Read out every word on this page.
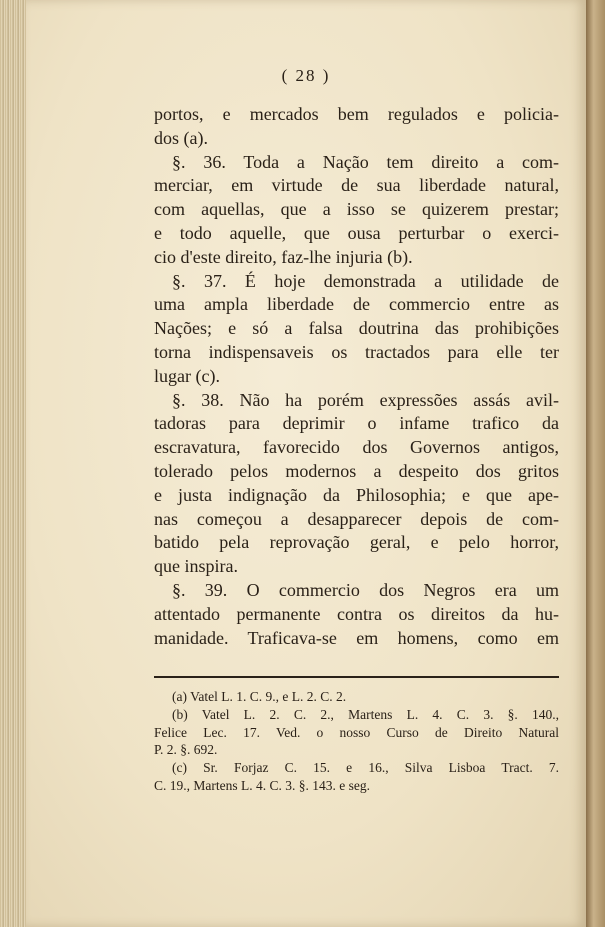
( 28 )
portos, e mercados bem regulados e policia-
dos (a).
§. 36. Toda a Nação tem direito a com-
merciar, em virtude de sua liberdade natural,
com aquellas, que a isso se quizerem prestar;
e todo aquelle, que ousa perturbar o exerci-
cio d'este direito, faz-lhe injuria (b).
§. 37. É hoje demonstrada a utilidade de
uma ampla liberdade de commercio entre as
Nações; e só a falsa doutrina das prohibições
torna indispensaveis os tractados para elle ter
lugar (c).
§. 38. Não ha porém expressões assás avil-
tadoras para deprimir o infame trafico da
escravatura, favorecido dos Governos antigos,
tolerado pelos modernos a despeito dos gritos
e justa indignação da Philosophia; e que ape-
nas começou a desapparecer depois de com-
batido pela reprovação geral, e pelo horror,
que inspira.
§. 39. O commercio dos Negros era um
attentado permanente contra os direitos da hu-
manidade. Traficava-se em homens, como em
(a) Vatel L. 1. C. 9., e L. 2. C. 2.
(b) Vatel L. 2. C. 2., Martens L. 4. C. 3. §. 140.,
Felice Lec. 17. Ved. o nosso Curso de Direito Natural
P. 2. §. 692.
(c) Sr. Forjaz C. 15. e 16., Silva Lisboa Tract. 7.
C. 19., Martens L. 4. C. 3. §. 143. e seg.
